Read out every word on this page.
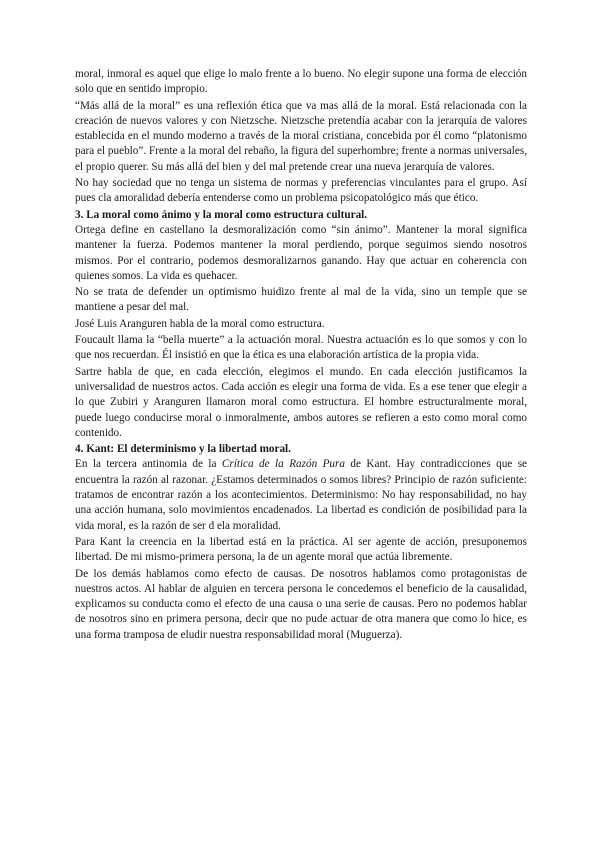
moral, inmoral es aquel que elige lo malo frente a lo bueno. No elegir supone una forma de elección solo que en sentido impropio.

“Más allá de la moral” es una reflexión ética que va mas allá de la moral. Está relacionada con la creación de nuevos valores y con Nietzsche. Nietzsche pretendía acabar con la jerarquía de valores establecida en el mundo moderno a través de la moral cristiana, concebida por él como “platonismo para el pueblo”. Frente a la moral del rebaño, la figura del superhombre; frente a normas universales, el propio querer. Su más allá del bien y del mal pretende crear una nueva jerarquía de valores.

No hay sociedad que no tenga un sistema de normas y preferencias vinculantes para el grupo. Así pues cla amoralidad debería entenderse como un problema psicopatológico más que ético.

3. La moral como ánimo y la moral como estructura cultural.

Ortega define en castellano la desmoralización como “sin ánimo”. Mantener la moral significa mantener la fuerza. Podemos mantener la moral perdiendo, porque seguimos siendo nosotros mismos. Por el contrario, podemos desmoralizarnos ganando. Hay que actuar en coherencia con quienes somos. La vida es quehacer.

No se trata de defender un optimismo huidizo frente al mal de la vida, sino un temple que se mantiene a pesar del mal.

José Luis Aranguren habla de la moral como estructura.

Foucault llama la “bella muerte” a la actuación moral. Nuestra actuación es lo que somos y con lo que nos recuerdan. Él insistió en que la ética es una elaboración artística de la propia vida.

Sartre habla de que, en cada elección, elegimos el mundo. En cada elección justificamos la universalidad de nuestros actos. Cada acción es elegir una forma de vida. Es a ese tener que elegir a lo que Zubiri y Aranguren llamaron moral como estructura. El hombre estructuralmente moral, puede luego conducirse moral o inmoralmente, ambos autores se refieren a esto como moral como contenido.

4. Kant: El determinismo y la libertad moral.

En la tercera antinomia de la Crítica de la Razón Pura de Kant. Hay contradicciones que se encuentra la razón al razonar. ¿Estamos determinados o somos libres? Principio de razón suficiente: tratamos de encontrar razón a los acontecimientos. Determinismo: No hay responsabilidad, no hay una acción humana, solo movimientos encadenados. La libertad es condición de posibilidad para la vida moral, es la razón de ser d ela moralidad.

Para Kant la creencia en la libertad está en la práctica. Al ser agente de acción, presuponemos libertad. De mi mismo-primera persona, la de un agente moral que actúa libremente.

De los demás hablamos como efecto de causas. De nosotros hablamos como protagonistas de nuestros actos. Al hablar de alguien en tercera persona le concedemos el beneficio de la causalidad, explicamos su conducta como el efecto de una causa o una serie de causas. Pero no podemos hablar de nosotros sino en primera persona, decir que no pude actuar de otra manera que como lo hice, es una forma tramposa de eludir nuestra responsabilidad moral (Muguerza).
